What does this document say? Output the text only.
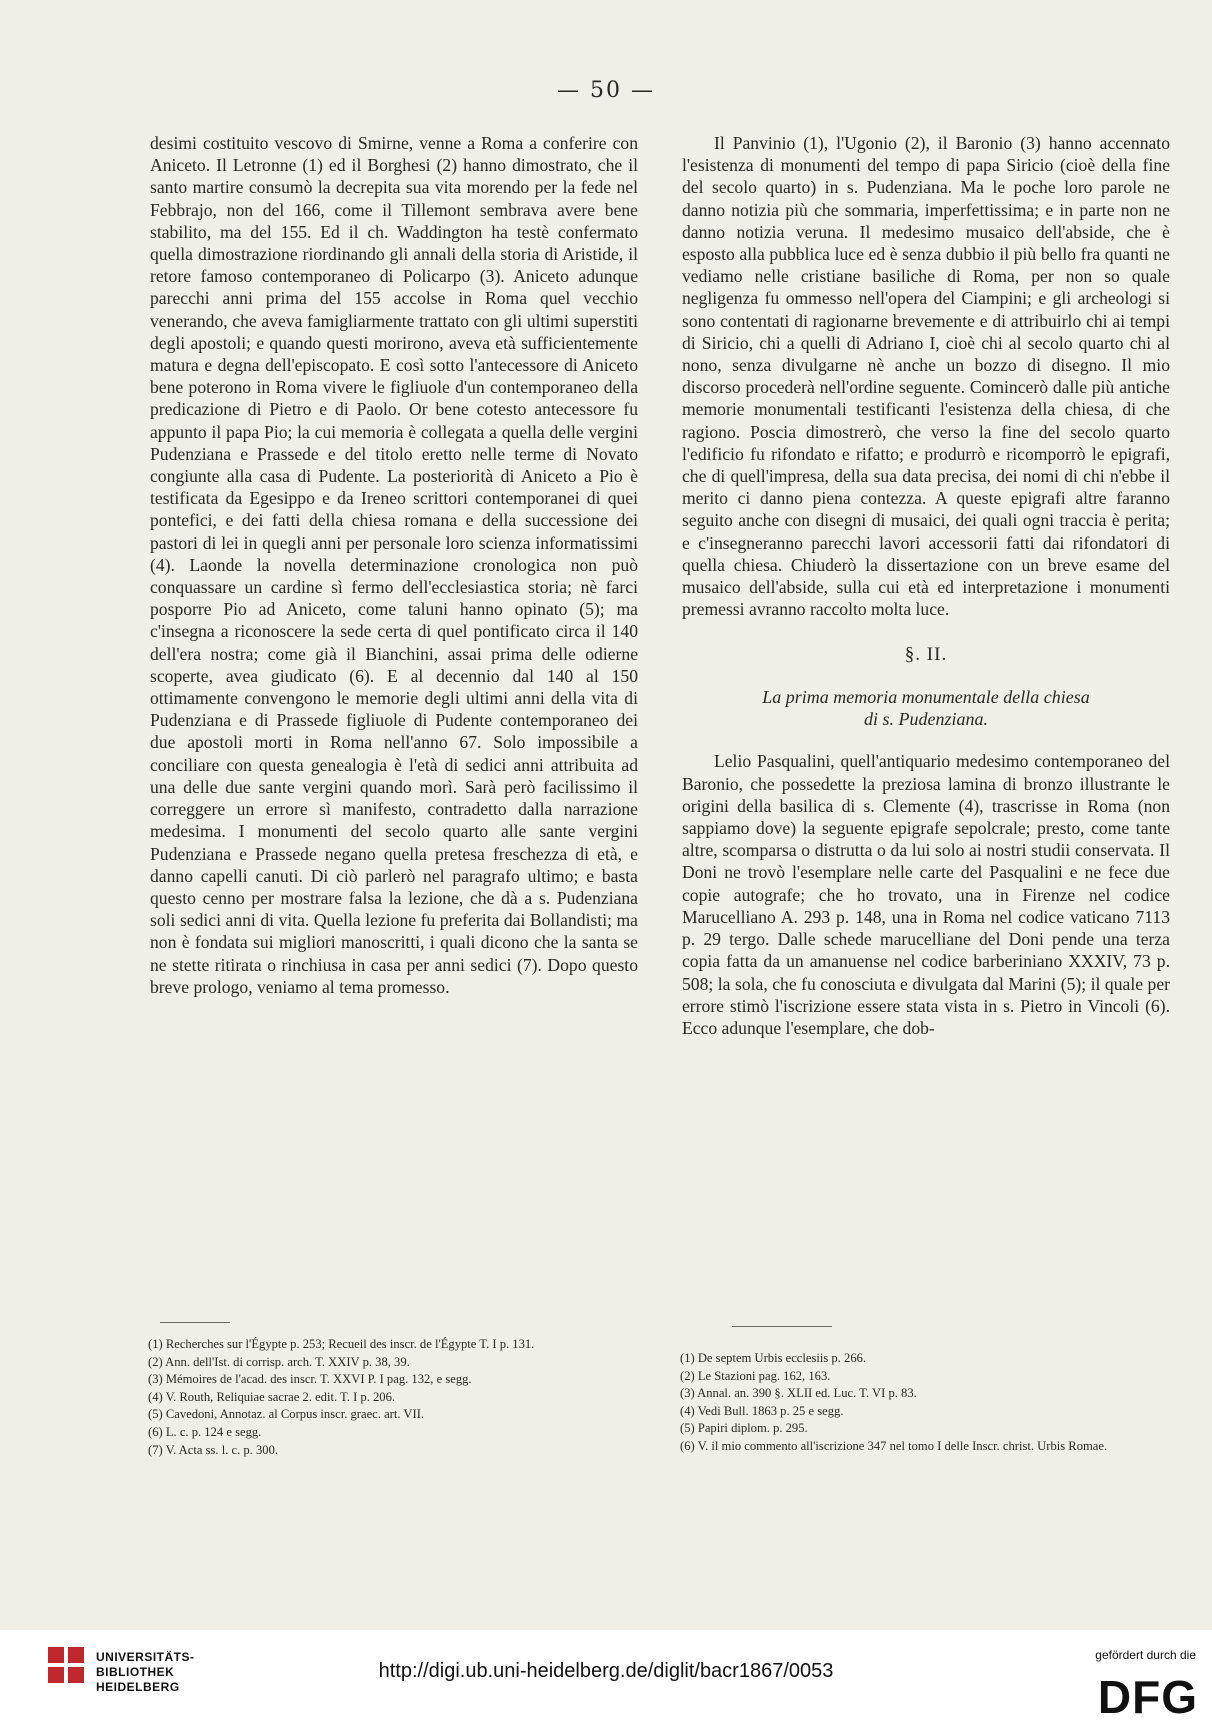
— 50 —

desimi costituito vescovo di Smirne, venne a Roma a conferire con Aniceto. Il Letronne (1) ed il Borghesi (2) hanno dimostrato, che il santo martire consumò la decrepita sua vita morendo per la fede nel Febbrajo, non del 166, come il Tillemont sembrava avere bene stabilito, ma del 155. Ed il ch. Waddington ha testè confermato quella dimostrazione riordinando gli annali della storia di Aristide, il retore famoso contemporaneo di Policarpo (3). Aniceto adunque parecchi anni prima del 155 accolse in Roma quel vecchio venerando, che aveva famigliarmente trattato con gli ultimi superstiti degli apostoli; e quando questi morirono, aveva età sufficientemente matura e degna dell'episcopato. E così sotto l'antecessore di Aniceto bene poterono in Roma vivere le figliuole d'un contemporaneo della predicazione di Pietro e di Paolo. Or bene cotesto antecessore fu appunto il papa Pio; la cui memoria è collegata a quella delle vergini Pudenziana e Prassede e del titolo eretto nelle terme di Novato congiunte alla casa di Pudente. La posteriorità di Aniceto a Pio è testificata da Egesippo e da Ireneo scrittori contemporanei di quei pontefici, e dei fatti della chiesa romana e della successione dei pastori di lei in quegli anni per personale loro scienza informatissimi (4). Laonde la novella determinazione cronologica non può conquassare un cardine sì fermo dell'ecclesiastica storia; nè farci posporre Pio ad Aniceto, come taluni hanno opinato (5); ma c'insegna a riconoscere la sede certa di quel pontificato circa il 140 dell'era nostra; come già il Bianchini, assai prima delle odierne scoperte, avea giudicato (6). E al decennio dal 140 al 150 ottimamente convengono le memorie degli ultimi anni della vita di Pudenziana e di Prassede figliuole di Pudente contemporaneo dei due apostoli morti in Roma nell'anno 67. Solo impossibile a conciliare con questa genealogia è l'età di sedici anni attribuita ad una delle due sante vergini quando morì. Sarà però facilissimo il correggere un errore sì manifesto, contradetto dalla narrazione medesima. I monumenti del secolo quarto alle sante vergini Pudenziana e Prassede negano quella pretesa freschezza di età, e danno capelli canuti. Di ciò parlerò nel paragrafo ultimo; e basta questo cenno per mostrare falsa la lezione, che dà a s. Pudenziana soli sedici anni di vita. Quella lezione fu preferita dai Bollandisti; ma non è fondata sui migliori manoscritti, i quali dicono che la santa se ne stette ritirata o rinchiusa in casa per anni sedici (7). Dopo questo breve prologo, veniamo al tema promesso.

Il Panvinio (1), l'Ugonio (2), il Baronio (3) hanno accennato l'esistenza di monumenti del tempo di papa Siricio (cioè della fine del secolo quarto) in s. Pudenziana. Ma le poche loro parole ne danno notizia più che sommaria, imperfettissima; e in parte non ne danno notizia veruna. Il medesimo musaico dell'abside, che è esposto alla pubblica luce ed è senza dubbio il più bello fra quanti ne vediamo nelle cristiane basiliche di Roma, per non so quale negligenza fu ommesso nell'opera del Ciampini; e gli archeologi si sono contentati di ragionarne brevemente e di attribuirlo chi ai tempi di Siricio, chi a quelli di Adriano I, cioè chi al secolo quarto chi al nono, senza divulgarne nè anche un bozzo di disegno. Il mio discorso procederà nell'ordine seguente. Comincerò dalle più antiche memorie monumentali testificanti l'esistenza della chiesa, di che ragiono. Poscia dimostrerò, che verso la fine del secolo quarto l'edificio fu rifondato e rifatto; e produrrò e ricomporrò le epigrafi, che di quell'impresa, della sua data precisa, dei nomi di chi n'ebbe il merito ci danno piena contezza. A queste epigrafi altre faranno seguito anche con disegni di musaici, dei quali ogni traccia è perita; e c'insegneranno parecchi lavori accessorii fatti dai rifondatori di quella chiesa. Chiuderò la dissertazione con un breve esame del musaico dell'abside, sulla cui età ed interpretazione i monumenti premessi avranno raccolto molta luce.

§. II.
La prima memoria monumentale della chiesa
di s. Pudenziana.

Lelio Pasqualini, quell'antiquario medesimo contemporaneo del Baronio, che possedette la preziosa lamina di bronzo illustrante le origini della basilica di s. Clemente (4), trascrisse in Roma (non sappiamo dove) la seguente epigrafe sepolcrale; presto, come tante altre, scomparsa o distrutta o da lui solo ai nostri studii conservata. Il Doni ne trovò l'esemplare nelle carte del Pasqualini e ne fece due copie autografe; che ho trovato, una in Firenze nel codice Marucelliano A. 293 p. 148, una in Roma nel codice vaticano 7113 p. 29 tergo. Dalle schede marucelliane del Doni pende una terza copia fatta da un amanuense nel codice barberiniano XXXIV, 73 p. 508; la sola, che fu conosciuta e divulgata dal Marini (5); il quale per errore stimò l'iscrizione essere stata vista in s. Pietro in Vincoli (6). Ecco adunque l'esemplare, che dob-

(1) Recherches sur l'Égypte p. 253; Recueil des inscr. de l'Égypte T. I p. 131.
(2) Ann. dell'Ist. di corrisp. arch. T. XXIV p. 38, 39.
(3) Mémoires de l'acad. des inscr. T. XXVI P. I pag. 132, e segg.
(4) V. Routh, Reliquiae sacrae 2. edit. T. I p. 206.
(5) Cavedoni, Annotaz. al Corpus inscr. graec. art. VII.
(6) L. c. p. 124 e segg.
(7) V. Acta ss. l. c. p. 300.
(1) De septem Urbis ecclesiis p. 266.
(2) Le Stazioni pag. 162, 163.
(3) Annal. an. 390 §. XLII ed. Luc. T. VI p. 83.
(4) Vedi Bull. 1863 p. 25 e segg.
(5) Papiri diplom. p. 295.
(6) V. il mio commento all'iscrizione 347 nel tomo I delle Inscr. christ. Urbis Romae.
UNIVERSITÄTS-
BIBLIOTHEK
HEIDELBERG
http://digi.ub.uni-heidelberg.de/diglit/bacr1867/0053
gefördert durch die
DFG
